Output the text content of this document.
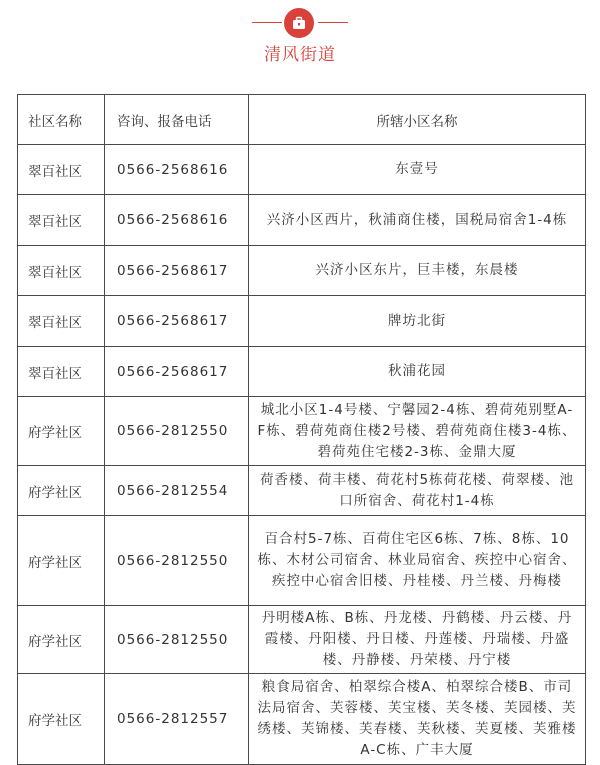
清风街道
社区名称	咨询、报备电话	所辖小区名称
翠百社区	0566-2568616	东壹号
翠百社区	0566-2568616	兴济小区西片，秋浦商住楼，国税局宿舍1-4栋
翠百社区	0566-2568617	兴济小区东片，巨丰楼，东晨楼
翠百社区	0566-2568617	牌坊北街
翠百社区	0566-2568617	秋浦花园
府学社区	0566-2812550	城北小区1-4号楼、宁馨园2-4栋、碧荷苑别墅A-F栋、碧荷苑商住楼2号楼、碧荷苑商住楼3-4栋、碧荷苑住宅楼2-3栋、金鼎大厦
府学社区	0566-2812554	荷香楼、荷丰楼、荷花村5栋荷花楼、荷翠楼、池口所宿舍、荷花村1-4栋
府学社区	0566-2812550	百合村5-7栋、百荷住宅区6栋、7栋、8栋、10栋、木材公司宿舍、林业局宿舍、疾控中心宿舍、疾控中心宿舍旧楼、丹桂楼、丹兰楼、丹梅楼
府学社区	0566-2812550	丹明楼A栋、B栋、丹龙楼、丹鹤楼、丹云楼、丹霞楼、丹阳楼、丹日楼、丹莲楼、丹瑞楼、丹盛楼、丹静楼、丹荣楼、丹宁楼
府学社区	0566-2812557	粮食局宿舍、柏翠综合楼A、柏翠综合楼B、市司法局宿舍、芙蓉楼、芙宝楼、芙冬楼、芙园楼、芙绣楼、芙锦楼、芙春楼、芙秋楼、芙夏楼、芙雅楼A-C栋、广丰大厦
